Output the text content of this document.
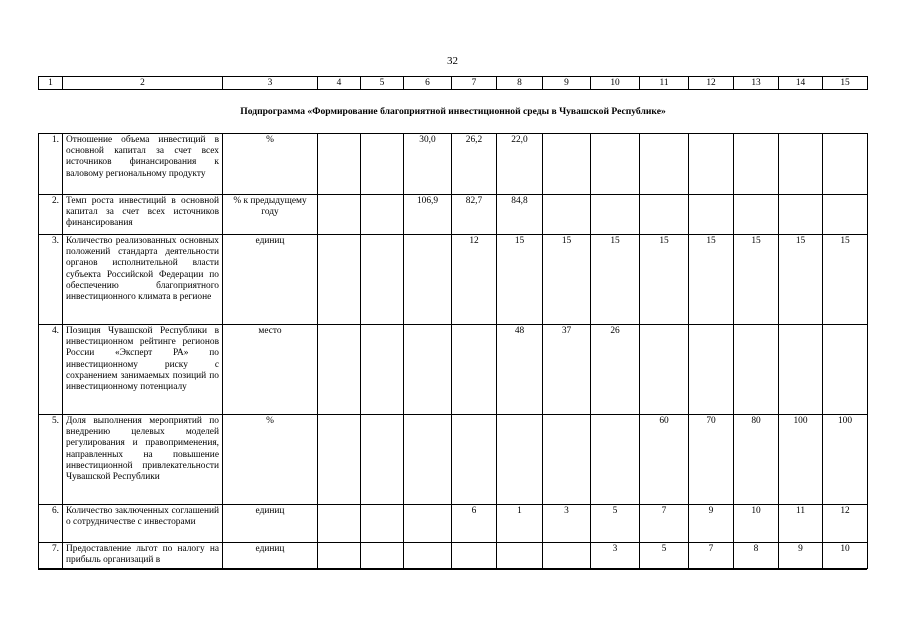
32
1	2	3	4	5	6	7	8	9	10	11	12	13	14	15
Подпрограмма «Формирование благоприятной инвестиционной среды в Чувашской Республике»														
1.	Отношение объема инвестиций в основной капитал за счет всех источников финансирования к валовому региональному продукту	%			30,0	26,2	22,0							
2.	Темп роста инвестиций в основной капитал за счет всех источников финансирования	% к предыдущему году			106,9	82,7	84,8							
3.	Количество реализованных основных положений стандарта деятельности органов исполнительной власти субъекта Российской Федерации по обеспечению благоприятного инвестиционного климата в регионе	единиц				12	15	15	15	15	15	15	15	15
4.	Позиция Чувашской Республики в инвестиционном рейтинге регионов России «Эксперт РА» по инвестиционному риску с сохранением занимаемых позиций по инвестиционному потенциалу	место					48	37	26					
5.	Доля выполнения мероприятий по внедрению целевых моделей регулирования и правоприменения, направленных на повышение инвестиционной привлекательности Чувашской Республики	%								60	70	80	100	100
6.	Количество заключенных соглашений о сотрудничестве с инвесторами	единиц				6	1	3	5	7	9	10	11	12
7.	Предоставление льгот по налогу на прибыль организаций в	единиц							3	5	7	8	9	10
